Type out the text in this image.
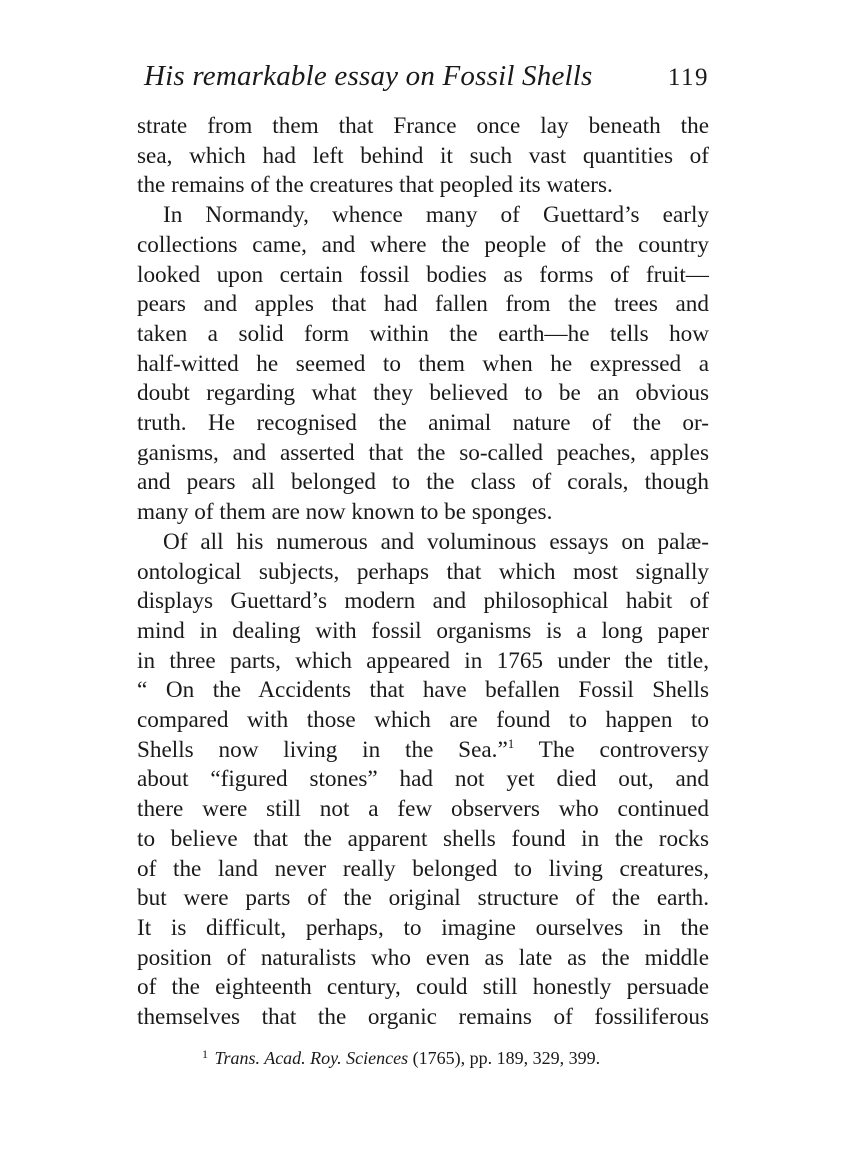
His remarkable essay on Fossil Shells	119
strate from them that France once lay beneath the
sea, which had left behind it such vast quantities of
the remains of the creatures that peopled its waters.
In Normandy, whence many of Guettard’s early
collections came, and where the people of the country
looked upon certain fossil bodies as forms of fruit—
pears and apples that had fallen from the trees and
taken a solid form within the earth—he tells how
half-witted he seemed to them when he expressed a
doubt regarding what they believed to be an obvious
truth. He recognised the animal nature of the or-
ganisms, and asserted that the so-called peaches, apples
and pears all belonged to the class of corals, though
many of them are now known to be sponges.
Of all his numerous and voluminous essays on palæ-
ontological subjects, perhaps that which most signally
displays Guettard’s modern and philosophical habit of
mind in dealing with fossil organisms is a long paper
in three parts, which appeared in 1765 under the title,
“ On the Accidents that have befallen Fossil Shells
compared with those which are found to happen to
Shells now living in the Sea.”$^1$ The controversy
about “figured stones” had not yet died out, and
there were still not a few observers who continued
to believe that the apparent shells found in the rocks
of the land never really belonged to living creatures,
but were parts of the original structure of the earth.
It is difficult, perhaps, to imagine ourselves in the
position of naturalists who even as late as the middle
of the eighteenth century, could still honestly persuade
themselves that the organic remains of fossiliferous
$^1$ Trans. Acad. Roy. Sciences (1765), pp. 189, 329, 399.
